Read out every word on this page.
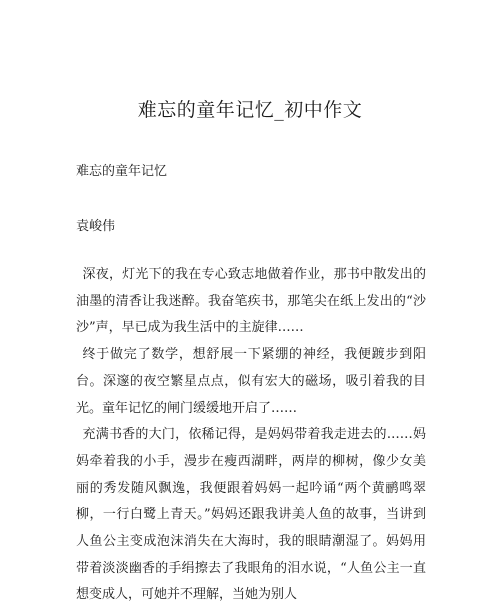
难忘的童年记忆_初中作文

难忘的童年记忆

袁峻伟

深夜，灯光下的我在专心致志地做着作业，那书中散发出的油墨的清香让我迷醉。我奋笔疾书，那笔尖在纸上发出的“沙沙”声，早已成为我生活中的主旋律……

终于做完了数学，想舒展一下紧绷的神经，我便踱步到阳台。深邃的夜空繁星点点，似有宏大的磁场，吸引着我的目光。童年记忆的闸门缓缓地开启了……

充满书香的大门，依稀记得，是妈妈带着我走进去的……妈妈牵着我的小手，漫步在瘦西湖畔，两岸的柳树，像少女美丽的秀发随风飘逸，我便跟着妈妈一起吟诵“两个黄鹂鸣翠柳，一行白鹭上青天。”妈妈还跟我讲美人鱼的故事，当讲到人鱼公主变成泡沫消失在大海时，我的眼睛潮湿了。妈妈用带着淡淡幽香的手绢擦去了我眼角的泪水说，“人鱼公主一直想变成人，可她并不理解，当她为别人
